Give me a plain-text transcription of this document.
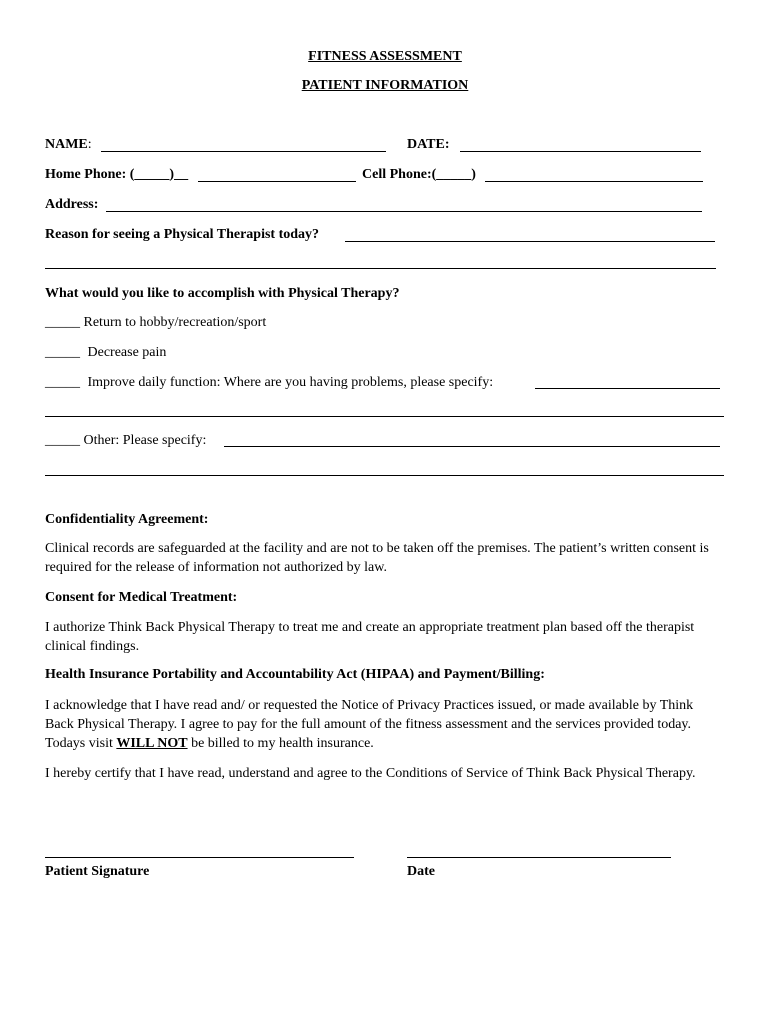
FITNESS ASSESSMENT
PATIENT INFORMATION
NAME:	DATE:
Home Phone: (_____)__	Cell Phone:(_____)
Address:
Reason for seeing a Physical Therapist today?
What would you like to accomplish with Physical Therapy?
_____ Return to hobby/recreation/sport
_____ Decrease pain
_____ Improve daily function: Where are you having problems, please specify:
_____ Other: Please specify:
Confidentiality Agreement:
Clinical records are safeguarded at the facility and are not to be taken off the premises. The patient’s written consent is required for the release of information not authorized by law.
Consent for Medical Treatment:
I authorize Think Back Physical Therapy to treat me and create an appropriate treatment plan based off the therapist clinical findings.
Health Insurance Portability and Accountability Act (HIPAA) and Payment/Billing:
I acknowledge that I have read and/ or requested the Notice of Privacy Practices issued, or made available by Think Back Physical Therapy. I agree to pay for the full amount of the fitness assessment and the services provided today. Todays visit WILL NOT be billed to my health insurance.
I hereby certify that I have read, understand and agree to the Conditions of Service of Think Back Physical Therapy.
Patient Signature	Date
